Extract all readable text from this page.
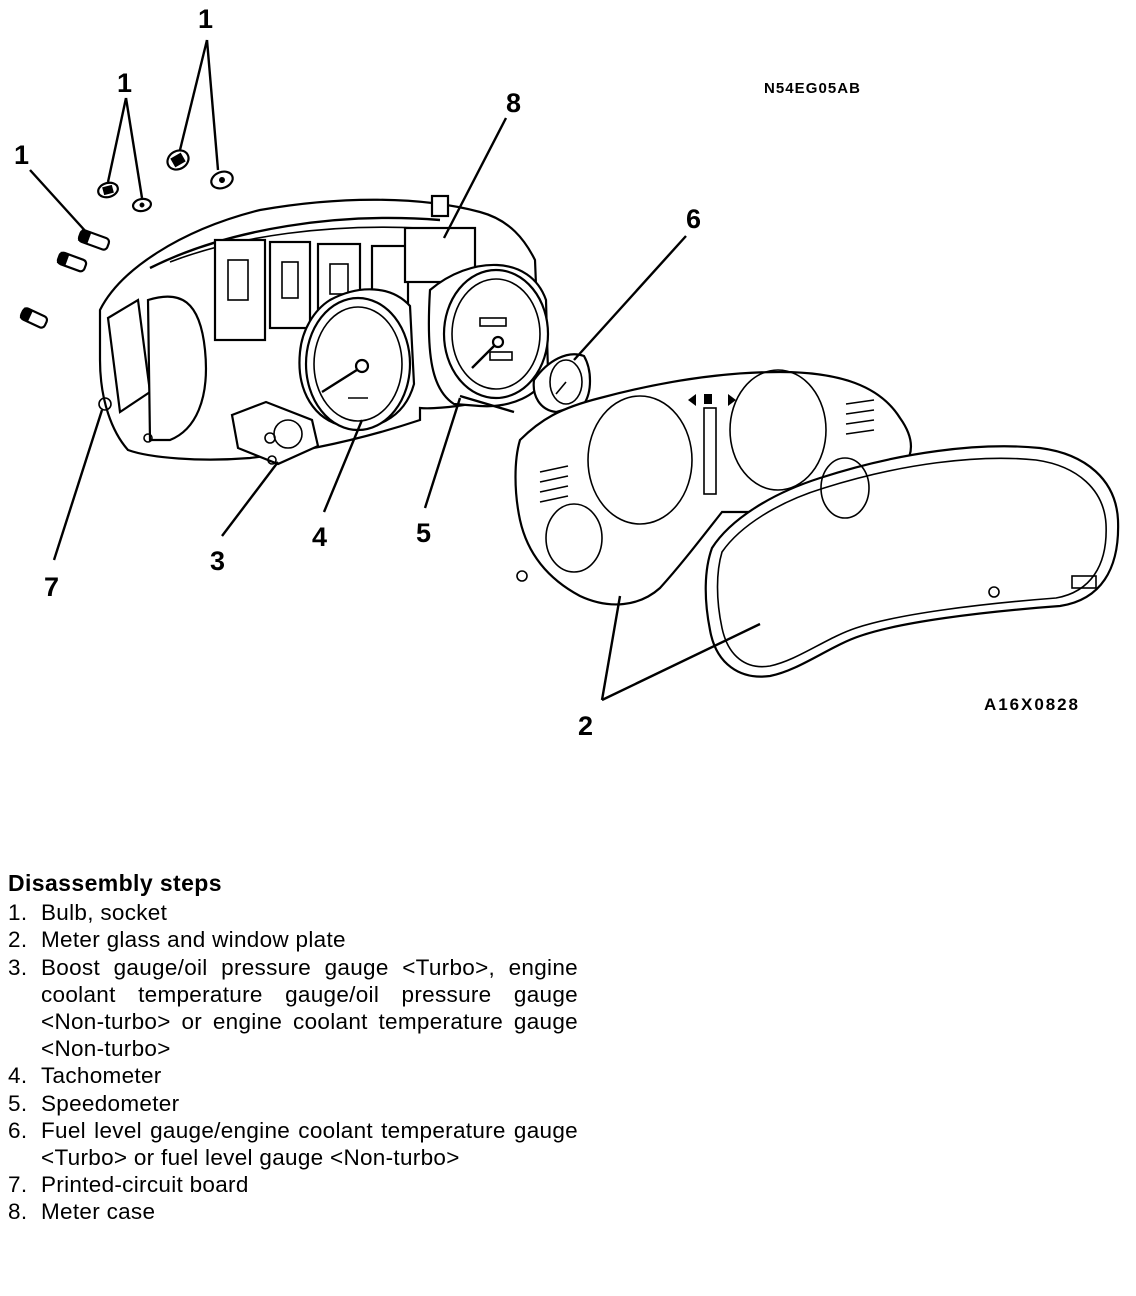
N54EG05AB
1
1
1
8
6
5
4
3
7
2
A16X0828
Disassembly steps
1. Bulb, socket
2. Meter glass and window plate
3. Boost gauge/oil pressure gauge <Turbo>, engine coolant temperature gauge/oil pressure gauge <Non-turbo> or engine coolant temperature gauge <Non-turbo>
4. Tachometer
5. Speedometer
6. Fuel level gauge/engine coolant temperature gauge <Turbo> or fuel level gauge <Non-turbo>
7. Printed-circuit board
8. Meter case
